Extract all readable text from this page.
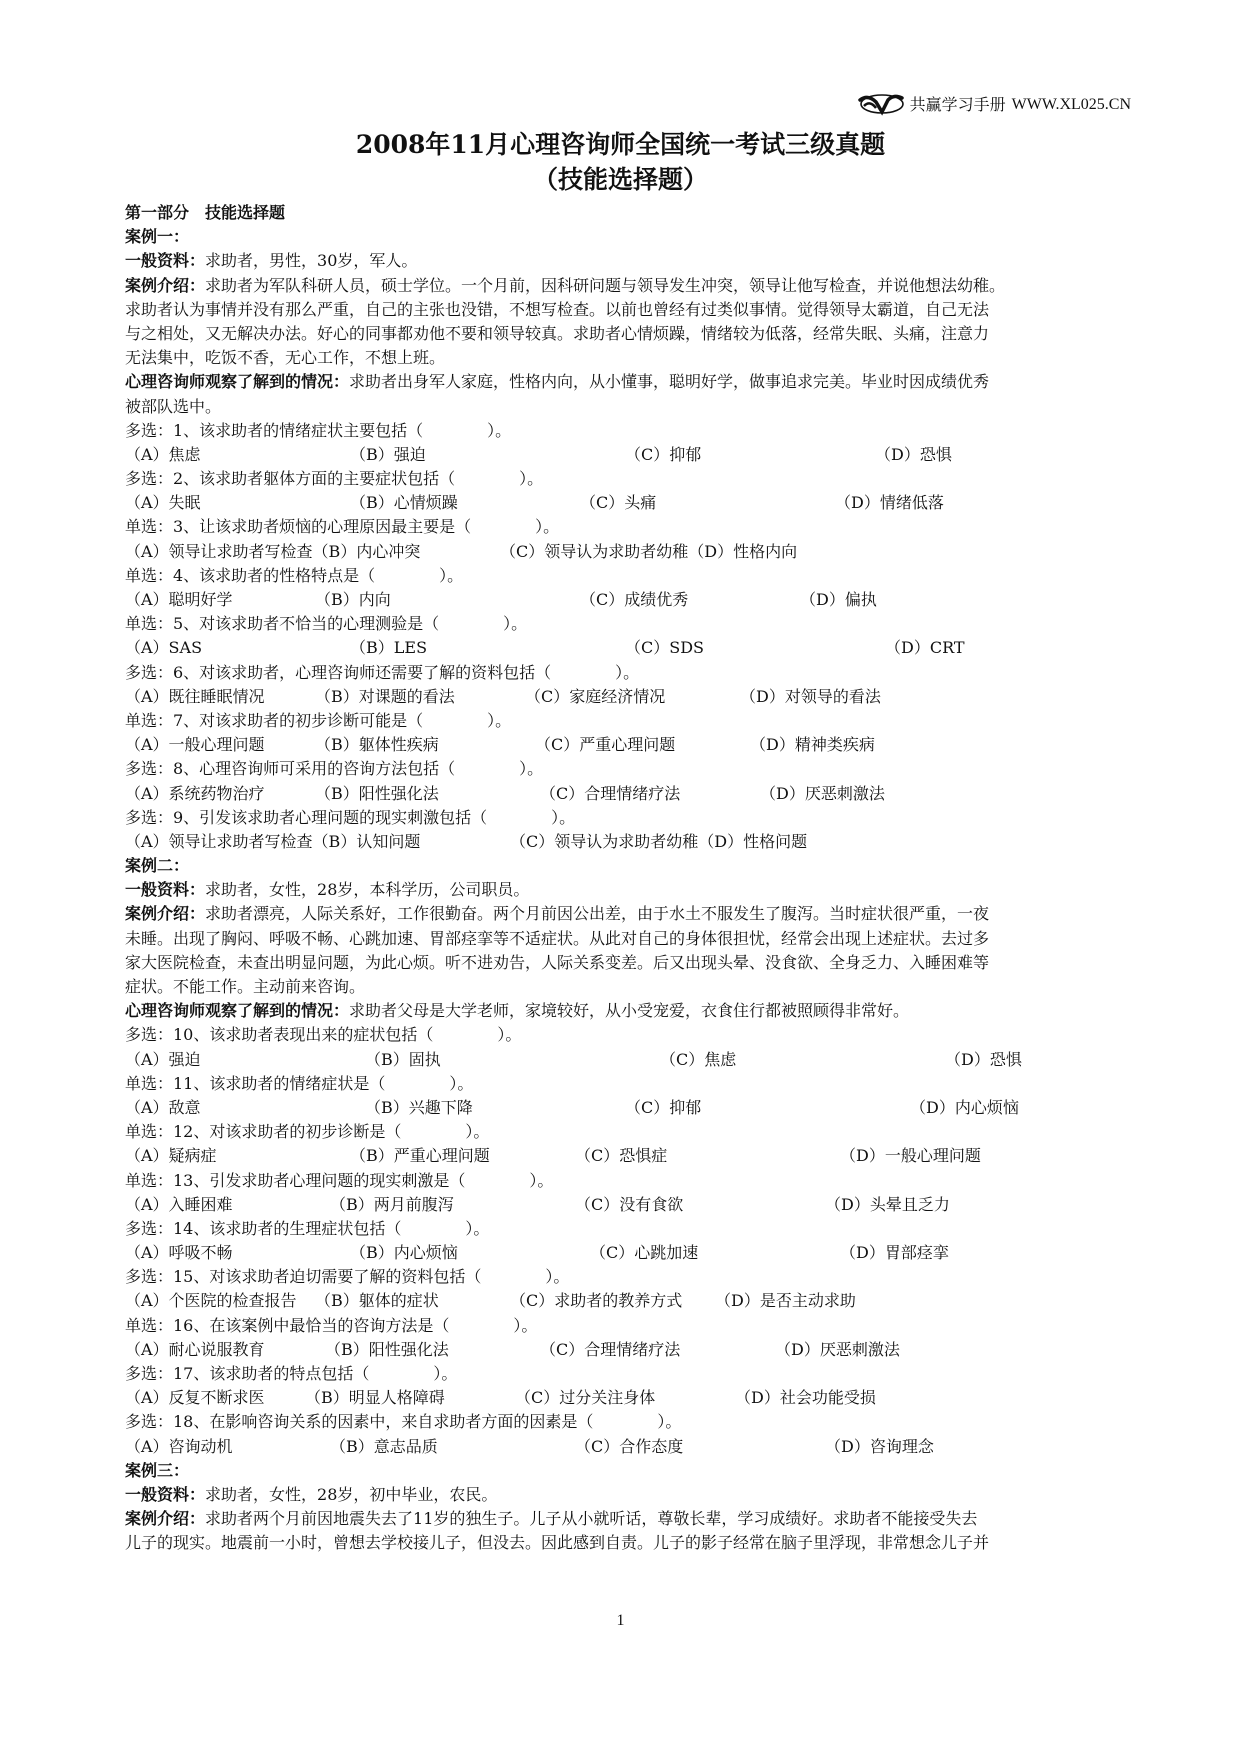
共赢学习手册 WWW.XL025.CN
2008年11月心理咨询师全国统一考试三级真题
（技能选择题）
第一部分　技能选择题
案例一：
一般资料：求助者，男性，30岁，军人。
案例介绍：求助者为军队科研人员，硕士学位。一个月前，因科研问题与领导发生冲突，领导让他写检查，并说他想法幼稚。
求助者认为事情并没有那么严重，自己的主张也没错，不想写检查。以前也曾经有过类似事情。觉得领导太霸道，自己无法
与之相处，又无解决办法。好心的同事都劝他不要和领导较真。求助者心情烦躁，情绪较为低落，经常失眠、头痛，注意力
无法集中，吃饭不香，无心工作，不想上班。
心理咨询师观察了解到的情况：求助者出身军人家庭，性格内向，从小懂事，聪明好学，做事追求完美。毕业时因成绩优秀
被部队选中。
多选：1、该求助者的情绪症状主要包括（　　　　）。
（A）焦虑	（B）强迫	（C）抑郁	（D）恐惧
多选：2、该求助者躯体方面的主要症状包括（　　　　）。
（A）失眠	（B）心情烦躁	（C）头痛	（D）情绪低落
单选：3、让该求助者烦恼的心理原因最主要是（　　　　）。
（A）领导让求助者写检查（B）内心冲突	（C）领导认为求助者幼稚（D）性格内向
单选：4、该求助者的性格特点是（　　　　）。
（A）聪明好学	（B）内向	（C）成绩优秀	（D）偏执
单选：5、对该求助者不恰当的心理测验是（　　　　）。
（A）SAS	（B）LES	（C）SDS	（D）CRT
多选：6、对该求助者，心理咨询师还需要了解的资料包括（　　　　）。
（A）既往睡眠情况	（B）对课题的看法	（C）家庭经济情况	（D）对领导的看法
单选：7、对该求助者的初步诊断可能是（　　　　）。
（A）一般心理问题	（B）躯体性疾病	（C）严重心理问题	（D）精神类疾病
多选：8、心理咨询师可采用的咨询方法包括（　　　　）。
（A）系统药物治疗	（B）阳性强化法	（C）合理情绪疗法	（D）厌恶刺激法
多选：9、引发该求助者心理问题的现实刺激包括（　　　　）。
（A）领导让求助者写检查（B）认知问题	（C）领导认为求助者幼稚（D）性格问题
案例二：
一般资料：求助者，女性，28岁，本科学历，公司职员。
案例介绍：求助者漂亮，人际关系好，工作很勤奋。两个月前因公出差，由于水土不服发生了腹泻。当时症状很严重，一夜
未睡。出现了胸闷、呼吸不畅、心跳加速、胃部痉挛等不适症状。从此对自己的身体很担忧，经常会出现上述症状。去过多
家大医院检查，未查出明显问题，为此心烦。听不进劝告，人际关系变差。后又出现头晕、没食欲、全身乏力、入睡困难等
症状。不能工作。主动前来咨询。
心理咨询师观察了解到的情况：求助者父母是大学老师，家境较好，从小受宠爱，衣食住行都被照顾得非常好。
多选：10、该求助者表现出来的症状包括（　　　　）。
（A）强迫	（B）固执	（C）焦虑	（D）恐惧
单选：11、该求助者的情绪症状是（　　　　）。
（A）敌意	（B）兴趣下降	（C）抑郁	（D）内心烦恼
单选：12、对该求助者的初步诊断是（　　　　）。
（A）疑病症	（B）严重心理问题	（C）恐惧症	（D）一般心理问题
单选：13、引发求助者心理问题的现实刺激是（　　　　）。
（A）入睡困难	（B）两月前腹泻	（C）没有食欲	（D）头晕且乏力
多选：14、该求助者的生理症状包括（　　　　）。
（A）呼吸不畅	（B）内心烦恼	（C）心跳加速	（D）胃部痉挛
多选：15、对该求助者迫切需要了解的资料包括（　　　　）。
（A）个医院的检查报告	（B）躯体的症状	（C）求助者的教养方式	（D）是否主动求助
单选：16、在该案例中最恰当的咨询方法是（　　　　）。
（A）耐心说服教育	（B）阳性强化法	（C）合理情绪疗法	（D）厌恶刺激法
多选：17、该求助者的特点包括（　　　　）。
（A）反复不断求医	（B）明显人格障碍	（C）过分关注身体	（D）社会功能受损
多选：18、在影响咨询关系的因素中，来自求助者方面的因素是（　　　　）。
（A）咨询动机	（B）意志品质	（C）合作态度	（D）咨询理念
案例三：
一般资料：求助者，女性，28岁，初中毕业，农民。
案例介绍：求助者两个月前因地震失去了11岁的独生子。儿子从小就听话，尊敬长辈，学习成绩好。求助者不能接受失去
儿子的现实。地震前一小时，曾想去学校接儿子，但没去。因此感到自责。儿子的影子经常在脑子里浮现，非常想念儿子并
1
